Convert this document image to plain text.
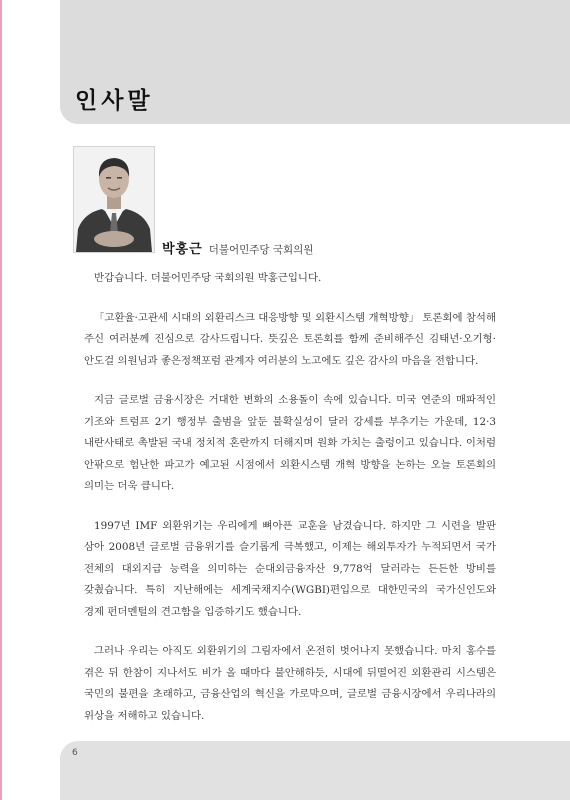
인사말
박홍근 더불어민주당 국회의원

반갑습니다. 더불어민주당 국회의원 박홍근입니다.

「고환율·고관세 시대의 외환리스크 대응방향 및 외환시스템 개혁방향」 토론회에 참석해 주신 여러분께 진심으로 감사드립니다. 뜻깊은 토론회를 함께 준비해주신 김태년·오기형·안도걸 의원님과 좋은정책포럼 관계자 여러분의 노고에도 깊은 감사의 마음을 전합니다.

지금 글로벌 금융시장은 거대한 변화의 소용돌이 속에 있습니다. 미국 연준의 매파적인 기조와 트럼프 2기 행정부 출범을 앞둔 불확실성이 달러 강세를 부추기는 가운데, 12·3 내란사태로 촉발된 국내 정치적 혼란까지 더해지며 원화 가치는 출렁이고 있습니다. 이처럼 안팎으로 험난한 파고가 예고된 시점에서 외환시스템 개혁 방향을 논하는 오늘 토론회의 의미는 더욱 큽니다.

1997년 IMF 외환위기는 우리에게 뼈아픈 교훈을 남겼습니다. 하지만 그 시련을 발판 삼아 2008년 글로벌 금융위기를 슬기롭게 극복했고, 이제는 해외투자가 누적되면서 국가 전체의 대외지급 능력을 의미하는 순대외금융자산 9,778억 달러라는 든든한 방비를 갖췄습니다. 특히 지난해에는 세계국채지수(WGBI)편입으로 대한민국의 국가신인도와 경제 펀더멘털의 견고함을 입증하기도 했습니다.

그러나 우리는 아직도 외환위기의 그림자에서 온전히 벗어나지 못했습니다. 마치 홍수를 겪은 뒤 한참이 지나서도 비가 올 때마다 불안해하듯, 시대에 뒤떨어진 외환관리 시스템은 국민의 불편을 초래하고, 금융산업의 혁신을 가로막으며, 글로벌 금융시장에서 우리나라의 위상을 저해하고 있습니다.

6
